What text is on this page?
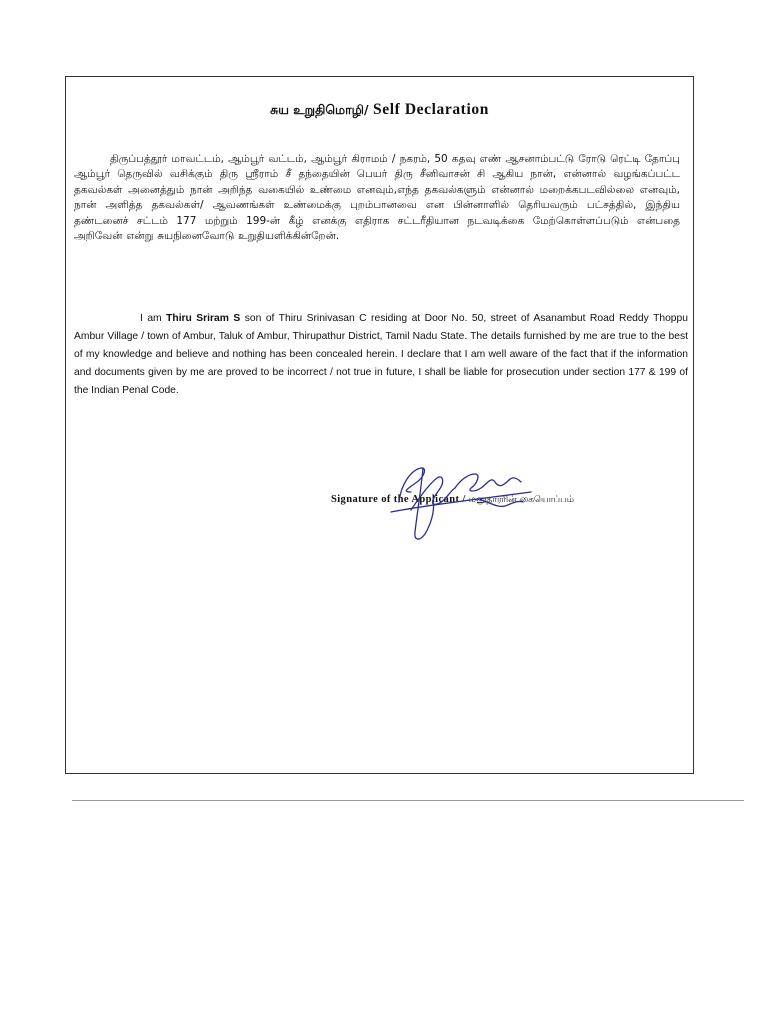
சுய உறுதிமொழி/ Self Declaration

திருப்பத்தூர் மாவட்டம், ஆம்பூர் வட்டம், ஆம்பூர் கிராமம் / நகரம், 50 கதவு எண் ஆசனாம்பட்டு ரோடு ரெட்டி தோப்பு ஆம்பூர் தெருவில் வசிக்கும் திரு ஸ்ரீராம் சீ தந்தையின் பெயர் திரு சீனிவாசன் சி ஆகிய நான், என்னால் வழங்கப்பட்ட தகவல்கள் அனைத்தும் நான் அறிந்த வகையில் உண்மை எனவும்,எந்த தகவல்களும் என்னால் மறைக்கபடவில்லை எனவும், நான் அளித்த தகவல்கள்/ ஆவணங்கள் உண்மைக்கு புறம்பானவை என பின்னாளில் தெரியவரும் பட்சத்தில், இந்திய தண்டனைச் சட்டம் 177 மற்றும் 199-ன் கீழ் எனக்கு எதிராக சட்டரீதியான நடவடிக்கை மேற்கொள்ளப்படும் என்பதை அறிவேன் என்று சுயநினைவோடு உறுதியளிக்கின்றேன்.

I am Thiru Sriram S son of Thiru Srinivasan C residing at Door No. 50, street of Asanambut Road Reddy Thoppu Ambur Village / town of Ambur, Taluk of Ambur, Thirupathur District, Tamil Nadu State. The details furnished by me are true to the best of my knowledge and believe and nothing has been concealed herein. I declare that I am well aware of the fact that if the information and documents given by me are proved to be incorrect / not true in future, I shall be liable for prosecution under section 177 & 199 of the Indian Penal Code.

Signature of the Applicant / மனுதாரரின் கையொப்பம்
